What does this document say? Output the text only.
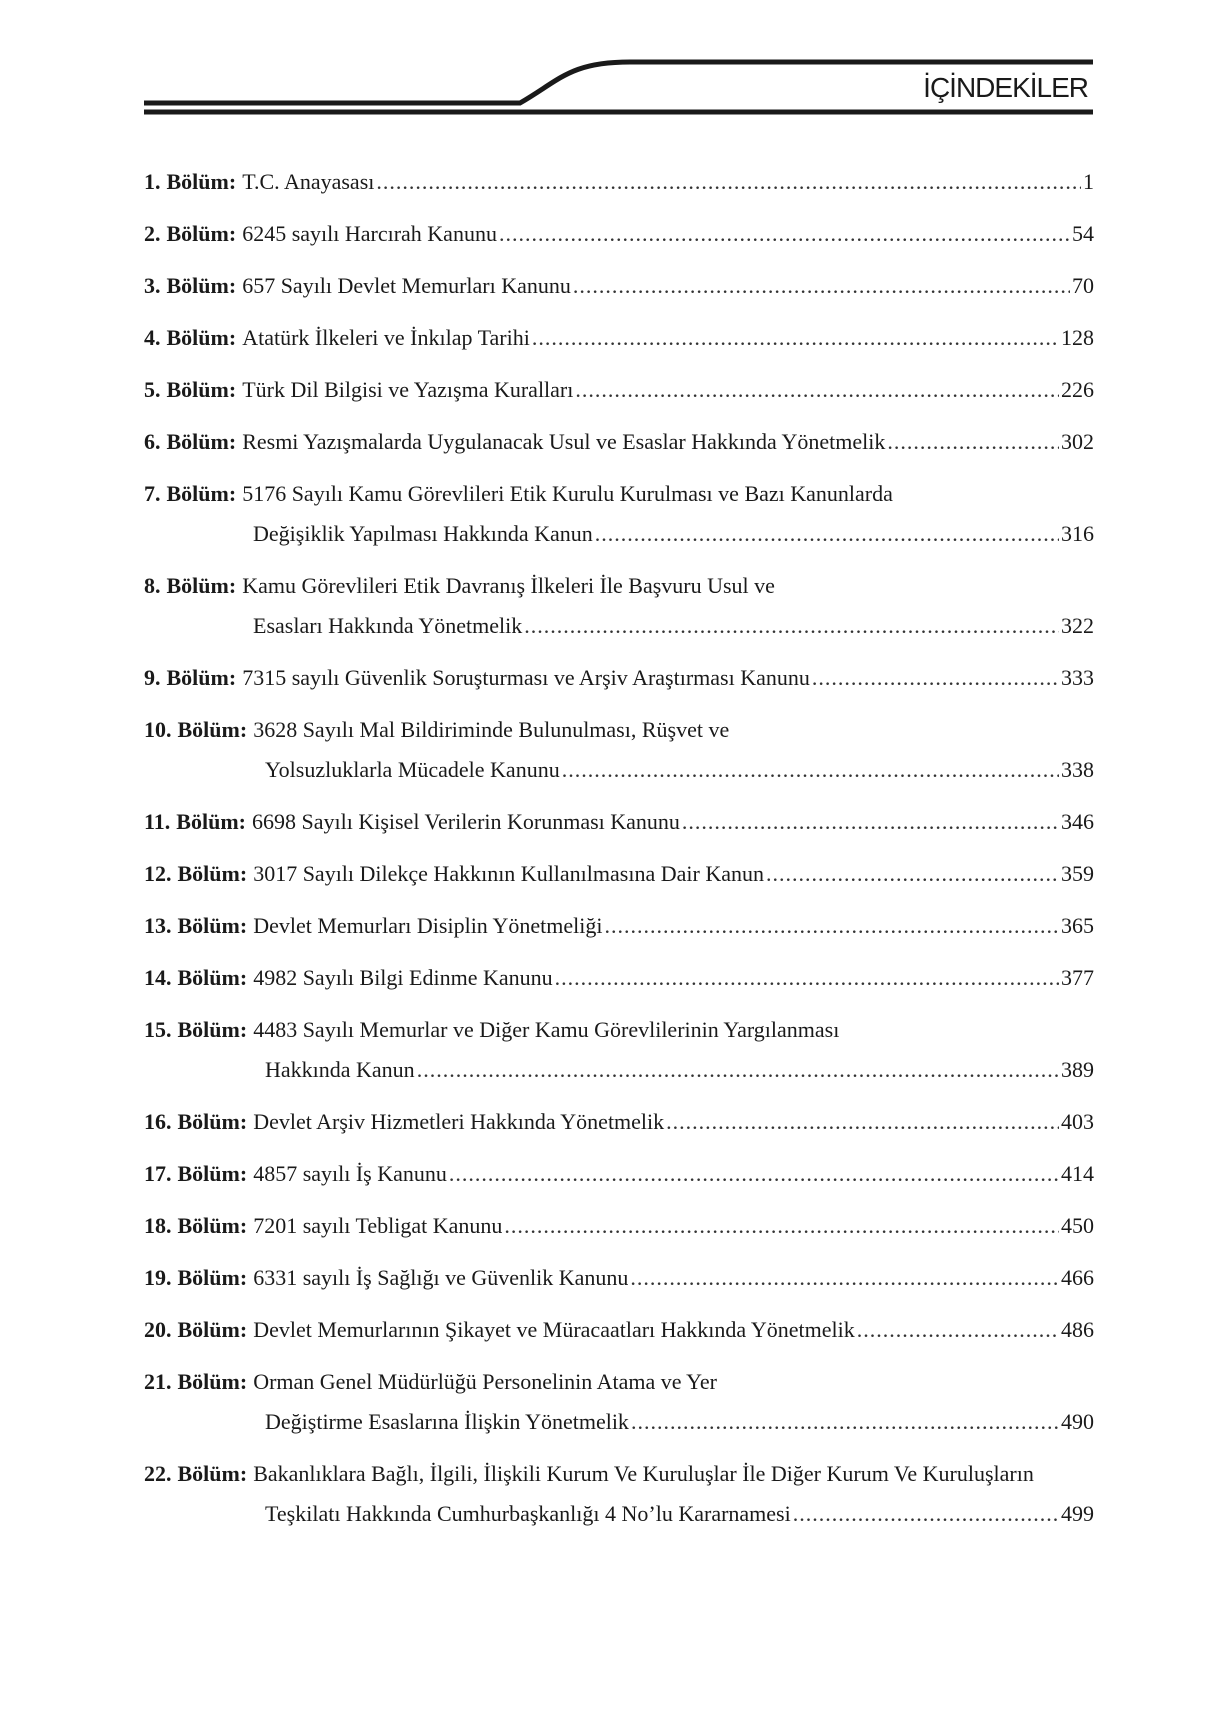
İÇİNDEKİLER
1. Bölüm: T.C. Anayasası .....	1
2. Bölüm: 6245 sayılı Harcırah Kanunu .....	54
3. Bölüm: 657 Sayılı Devlet Memurları Kanunu .....	70
4. Bölüm: Atatürk İlkeleri ve İnkılap Tarihi .....	128
5. Bölüm: Türk Dil Bilgisi ve Yazışma Kuralları .....	226
6. Bölüm: Resmi Yazışmalarda Uygulanacak Usul ve Esaslar Hakkında Yönetmelik .....	302
7. Bölüm: 5176 Sayılı Kamu Görevlileri Etik Kurulu Kurulması ve Bazı Kanunlarda
Değişiklik Yapılması Hakkında Kanun .....	316
8. Bölüm: Kamu Görevlileri Etik Davranış İlkeleri İle Başvuru Usul ve
Esasları Hakkında Yönetmelik .....	322
9. Bölüm: 7315 sayılı Güvenlik Soruşturması ve Arşiv Araştırması Kanunu .....	333
10. Bölüm: 3628 Sayılı Mal Bildiriminde Bulunulması, Rüşvet ve
Yolsuzluklarla Mücadele Kanunu .....	338
11. Bölüm: 6698 Sayılı Kişisel Verilerin Korunması Kanunu .....	346
12. Bölüm: 3017 Sayılı Dilekçe Hakkının Kullanılmasına Dair Kanun .....	359
13. Bölüm: Devlet Memurları Disiplin Yönetmeliği .....	365
14. Bölüm: 4982 Sayılı Bilgi Edinme Kanunu .....	377
15. Bölüm: 4483 Sayılı Memurlar ve Diğer Kamu Görevlilerinin Yargılanması
Hakkında Kanun .....	389
16. Bölüm: Devlet Arşiv Hizmetleri Hakkında Yönetmelik .....	403
17. Bölüm: 4857 sayılı İş Kanunu .....	414
18. Bölüm: 7201 sayılı Tebligat Kanunu .....	450
19. Bölüm: 6331 sayılı İş Sağlığı ve Güvenlik Kanunu .....	466
20. Bölüm: Devlet Memurlarının Şikayet ve Müracaatları Hakkında Yönetmelik .....	486
21. Bölüm: Orman Genel Müdürlüğü Personelinin Atama ve Yer
Değiştirme Esaslarına İlişkin Yönetmelik .....	490
22. Bölüm: Bakanlıklara Bağlı, İlgili, İlişkili Kurum Ve Kuruluşlar İle Diğer Kurum Ve Kuruluşların
Teşkilatı Hakkında Cumhurbaşkanlığı 4 No’lu Kararnamesi .....	499
